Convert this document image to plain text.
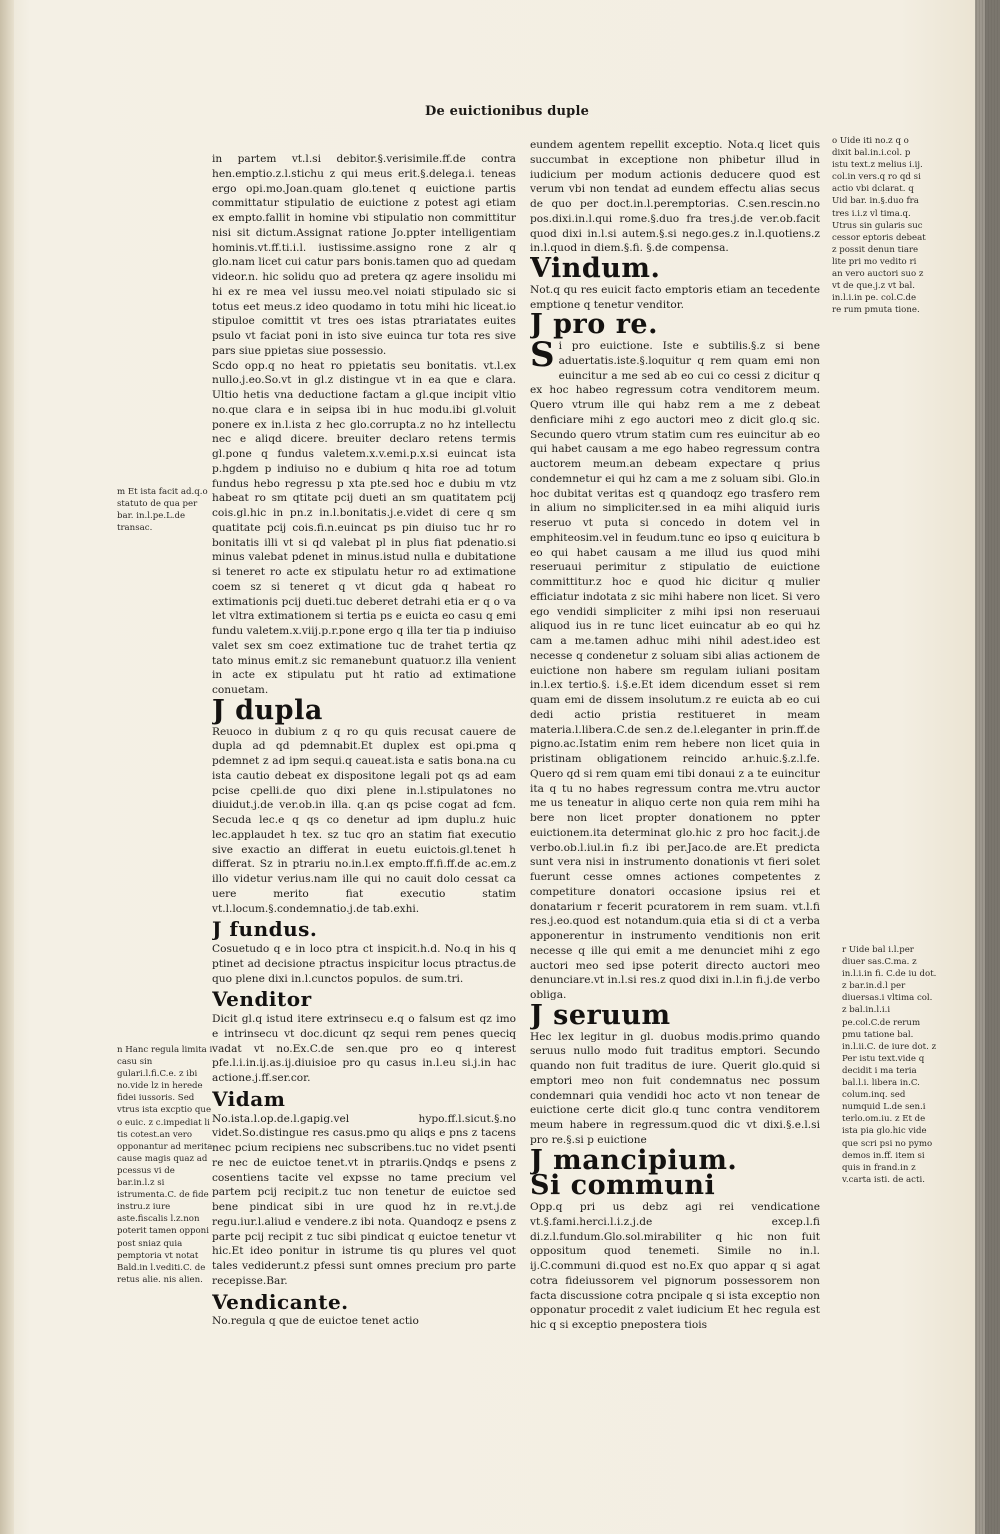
De euictionibus duple

in partem vt.l.si debitor.§.verisimile.ff.de contra hen.emptio.z.l.stichu z qui meus erit.§.delega.i. teneas ergo opi.mo.Joan.quam glo.tenet q euictione partis committatur stipulatio de euictione z potest agi etiam ex empto.fallit in homine vbi stipulatio non committitur nisi sit dictum.Assignat ratione Jo.ppter intelligentiam hominis.vt.ff.ti.i.l. iustissime.assigno rone z alr q glo.nam licet cui catur pars bonis.tamen quo ad quedam videor.n. hic solidu quo ad pretera qz agere insolidu mi hi ex re mea vel iussu meo.vel noiati stipulado sic si totus eet meus.z ideo quodamo in totu mihi hic liceat.io stipuloe comittit vt tres oes istas ptrariatates euites psulo vt faciat poni in isto sive euinca tur tota res sive pars siue ppietas siue possessio.

Scdo opp.q no heat ro ppietatis seu bonitatis. vt.l.ex nullo.j.eo.So.vt in gl.z distingue vt in ea que e clara. Ultio hetis vna deductione factam a gl.que incipit vltio no.que clara e in seipsa ibi in huc modu.ibi gl.voluit ponere ex in.l.ista z hec glo.corrupta.z no hz intellectu nec e aliqd dicere. breuiter declaro retens termis gl.pone q fundus valetem.x.v.emi.p.x.si euincat ista p.hgdem p indiuiso no e dubium q hita roe ad totum fundus hebo regressu p xta pte.sed hoc e dubiu m vtz habeat ro sm qtitate pcij dueti an sm quatitatem pcij cois.gl.hic in pn.z in.l.bonitatis.j.e.videt di cere q sm quatitate pcij cois.fi.n.euincat ps pin diuiso tuc hr ro bonitatis illi vt si qd valebat pl in plus fiat pdenatio.si minus valebat pdenet in minus.istud nulla e dubitatione si teneret ro acte ex stipulatu hetur ro ad extimatione coem sz si teneret q vt dicut gda q habeat ro extimationis pcij dueti.tuc deberet detrahi etia er q o va let vltra extimationem si tertia ps e euicta eo casu q emi fundu valetem.x.viij.p.r.pone ergo q illa ter tia p indiuiso valet sex sm coez extimatione tuc de trahet tertia qz tato minus emit.z sic remanebunt quatuor.z illa venient in acte ex stipulatu put ht ratio ad extimatione conuetam.

J dupla

Reuoco in dubium z q ro qu quis recusat cauere de dupla ad qd pdemnabit.Et duplex est opi.pma q pdemnet z ad ipm sequi.q caueat.ista e satis bona.na cu ista cautio debeat ex dispositone legali pot qs ad eam pcise cpelli.de quo dixi plene in.l.stipulatones no diuidut.j.de ver.ob.in illa. q.an qs pcise cogat ad fcm. Secuda lec.e q qs co denetur ad ipm duplu.z huic lec.applaudet h tex. sz tuc qro an statim fiat executio sive exactio an differat in euetu euictois.gl.tenet h differat. Sz in ptrariu no.in.l.ex empto.ff.fi.ff.de ac.em.z illo videtur verius.nam ille qui no cauit dolo cessat ca uere merito fiat executio statim vt.l.locum.§.condemnatio.j.de tab.exhi.

J fundus.

Cosuetudo q e in loco ptra ct inspicit.h.d. No.q in his q ptinet ad decisione ptractus inspicitur locus ptractus.de quo plene dixi in.l.cunctos populos. de sum.tri.

Venditor

Dicit gl.q istud itere extrinsecu e.q o falsum est qz imo e intrinsecu vt doc.dicunt qz sequi rem penes queciq vadat vt no.Ex.C.de sen.que pro eo q interest pfe.l.i.in.ij.as.ij.diuisioe pro qu casus in.l.eu si.j.in hac actione.j.ff.ser.cor.

Vidam

No.ista.l.op.de.l.gapig.vel hypo.ff.l.sicut.§.no videt.So.distingue res casus.pmo qu aliqs e pns z tacens nec pcium recipiens nec subscribens.tuc no videt psenti re nec de euictoe tenet.vt in ptrariis.Qndqs e psens z cosentiens tacite vel expsse no tame precium vel partem pcij recipit.z tuc non tenetur de euictoe sed bene pindicat sibi in ure quod hz in re.vt.j.de regu.iur.l.aliud e vendere.z ibi nota. Quandoqz e psens z parte pcij recipit z tuc sibi pindicat q euictoe tenetur vt hic.Et ideo ponitur in istrume tis qu plures vel quot tales vediderunt.z pfessi sunt omnes precium pro parte recepisse.Bar.

Vendicante.

No.regula q que de euictoe tenet actio

eundem agentem repellit exceptio. Nota.q licet quis succumbat in exceptione non phibetur illud in iudicium per modum actionis deducere quod est verum vbi non tendat ad eundem effectu alias secus de quo per doct.in.l.peremptorias. C.sen.rescin.no pos.dixi.in.l.qui rome.§.duo fra tres.j.de ver.ob.facit quod dixi in.l.si autem.§.si nego.ges.z in.l.quotiens.z in.l.quod in diem.§.fi. §.de compensa.

Vindum.

Not.q qu res euicit facto emptoris etiam an tecedente emptione q tenetur venditor.

J pro re.

Si pro euictione. Iste e subtilis.§.z si bene aduertatis.iste.§.loquitur q rem quam emi non euincitur a me sed ab eo cui co cessi z dicitur q ex hoc habeo regressum cotra venditorem meum. Quero vtrum ille qui habz rem a me z debeat denficiare mihi z ego auctori meo z dicit glo.q sic. Secundo quero vtrum statim cum res euincitur ab eo qui habet causam a me ego habeo regressum contra auctorem meum.an debeam expectare q prius condemnetur ei qui hz cam a me z soluam sibi. Glo.in hoc dubitat veritas est q quandoqz ego trasfero rem in alium no simpliciter.sed in ea mihi aliquid iuris reseruo vt puta si concedo in dotem vel in emphiteosim.vel in feudum.tunc eo ipso q euicitura b eo qui habet causam a me illud ius quod mihi reseruaui perimitur z stipulatio de euictione committitur.z hoc e quod hic dicitur q mulier efficiatur indotata z sic mihi habere non licet. Si vero ego vendidi simpliciter z mihi ipsi non reseruaui aliquod ius in re tunc licet euincatur ab eo qui hz cam a me.tamen adhuc mihi nihil adest.ideo est necesse q condenetur z soluam sibi alias actionem de euictione non habere sm regulam iuliani positam in.l.ex tertio.§. i.§.e.Et idem dicendum esset si rem quam emi de dissem insolutum.z re euicta ab eo cui dedi actio pristia restitueret in meam materia.l.libera.C.de sen.z de.l.eleganter in prin.ff.de pigno.ac.Istatim enim rem hebere non licet quia in pristinam obligationem reincido ar.huic.§.z.l.fe. Quero qd si rem quam emi tibi donaui z a te euincitur ita q tu no habes regressum contra me.vtru auctor me us teneatur in aliquo certe non quia rem mihi ha bere non licet propter donationem no ppter euictionem.ita determinat glo.hic z pro hoc facit.j.de verbo.ob.l.iul.in fi.z ibi per.Jaco.de are.Et predicta sunt vera nisi in instrumento donationis vt fieri solet fuerunt cesse omnes actiones competentes z competiture donatori occasione ipsius rei et donatarium r fecerit pcuratorem in rem suam. vt.l.fi res.j.eo.quod est notandum.quia etia si di ct a verba apponerentur in instrumento venditionis non erit necesse q ille qui emit a me denunciet mihi z ego auctori meo sed ipse poterit directo auctori meo denunciare.vt in.l.si res.z quod dixi in.l.in fi.j.de verbo obliga.

J seruum

Hec lex legitur in gl. duobus modis.primo quando seruus nullo modo fuit traditus emptori. Secundo quando non fuit traditus de iure. Querit glo.quid si emptori meo non fuit condemnatus nec possum condemnari quia vendidi hoc acto vt non tenear de euictione certe dicit glo.q tunc contra venditorem meum habere in regressum.quod dic vt dixi.§.e.l.si pro re.§.si p euictione

J mancipium.
Si communi

Opp.q pri us debz agi rei vendicatione vt.§.fami.herci.l.i.z.j.de excep.l.fi di.z.l.fundum.Glo.sol.mirabiliter q hic non fuit oppositum quod tenemeti. Simile no in.l. ij.C.communi di.quod est no.Ex quo appar q si agat cotra fideiussorem vel pignorum possessorem non facta discussione cotra pncipale q si ista exceptio non opponatur procedit z valet iudicium Et hec regula est hic q si exceptio pnepostera tiois

o Uide iti no.z q o dixit bal.in.i.col. p istu text.z melius i.ij. col.in vers.q ro qd si actio vbi dclarat. q Uid bar. in.§.duo fra tres i.i.z vl tima.q. Utrus sin gularis suc cessor eptoris debeat z possit denun tiare lite pri mo vedito ri an vero auctori suo z vt de que.j.z vt bal. in.l.i.in pe. col.C.de re rum pmuta tione.
r Uide bal i.l.per diuer sas.C.ma. z in.l.i.in fi. C.de iu dot. z bar.in.d.l per diuersas.i vltima col. z bal.in.l.i.i pe.col.C.de rerum pmu tatione bal. in.l.ii.C. de iure dot. z Per istu text.vide q decidit i ma teria bal.l.i. libera in.C. colum.inq. sed numquid L.de sen.i terlo.om.iu. z Et de ista pia glo.hic vide que scri psi no pymo demos in.ff. item si quis in frand.in z v.carta isti. de acti.
m Et ista facit ad.q.o statuto de qua per bar. in.l.pe.L.de transac.
n Hanc regula limita i casu sin gulari.l.fi.C.e. z ibi no.vide lz in herede fidei iussoris. Sed vtrus ista excptio que o euic. z c.impediat li tis cotest.an vero opponantur ad merita cause magis quaz ad pcessus vi de bar.in.l.z si istrumenta.C. de fide instru.z iure aste.fiscalis l.z.non poterit tamen opponi post sniaz quia pemptoria vt notat Bald.in l.vediti.C. de retus alie. nis alien.
